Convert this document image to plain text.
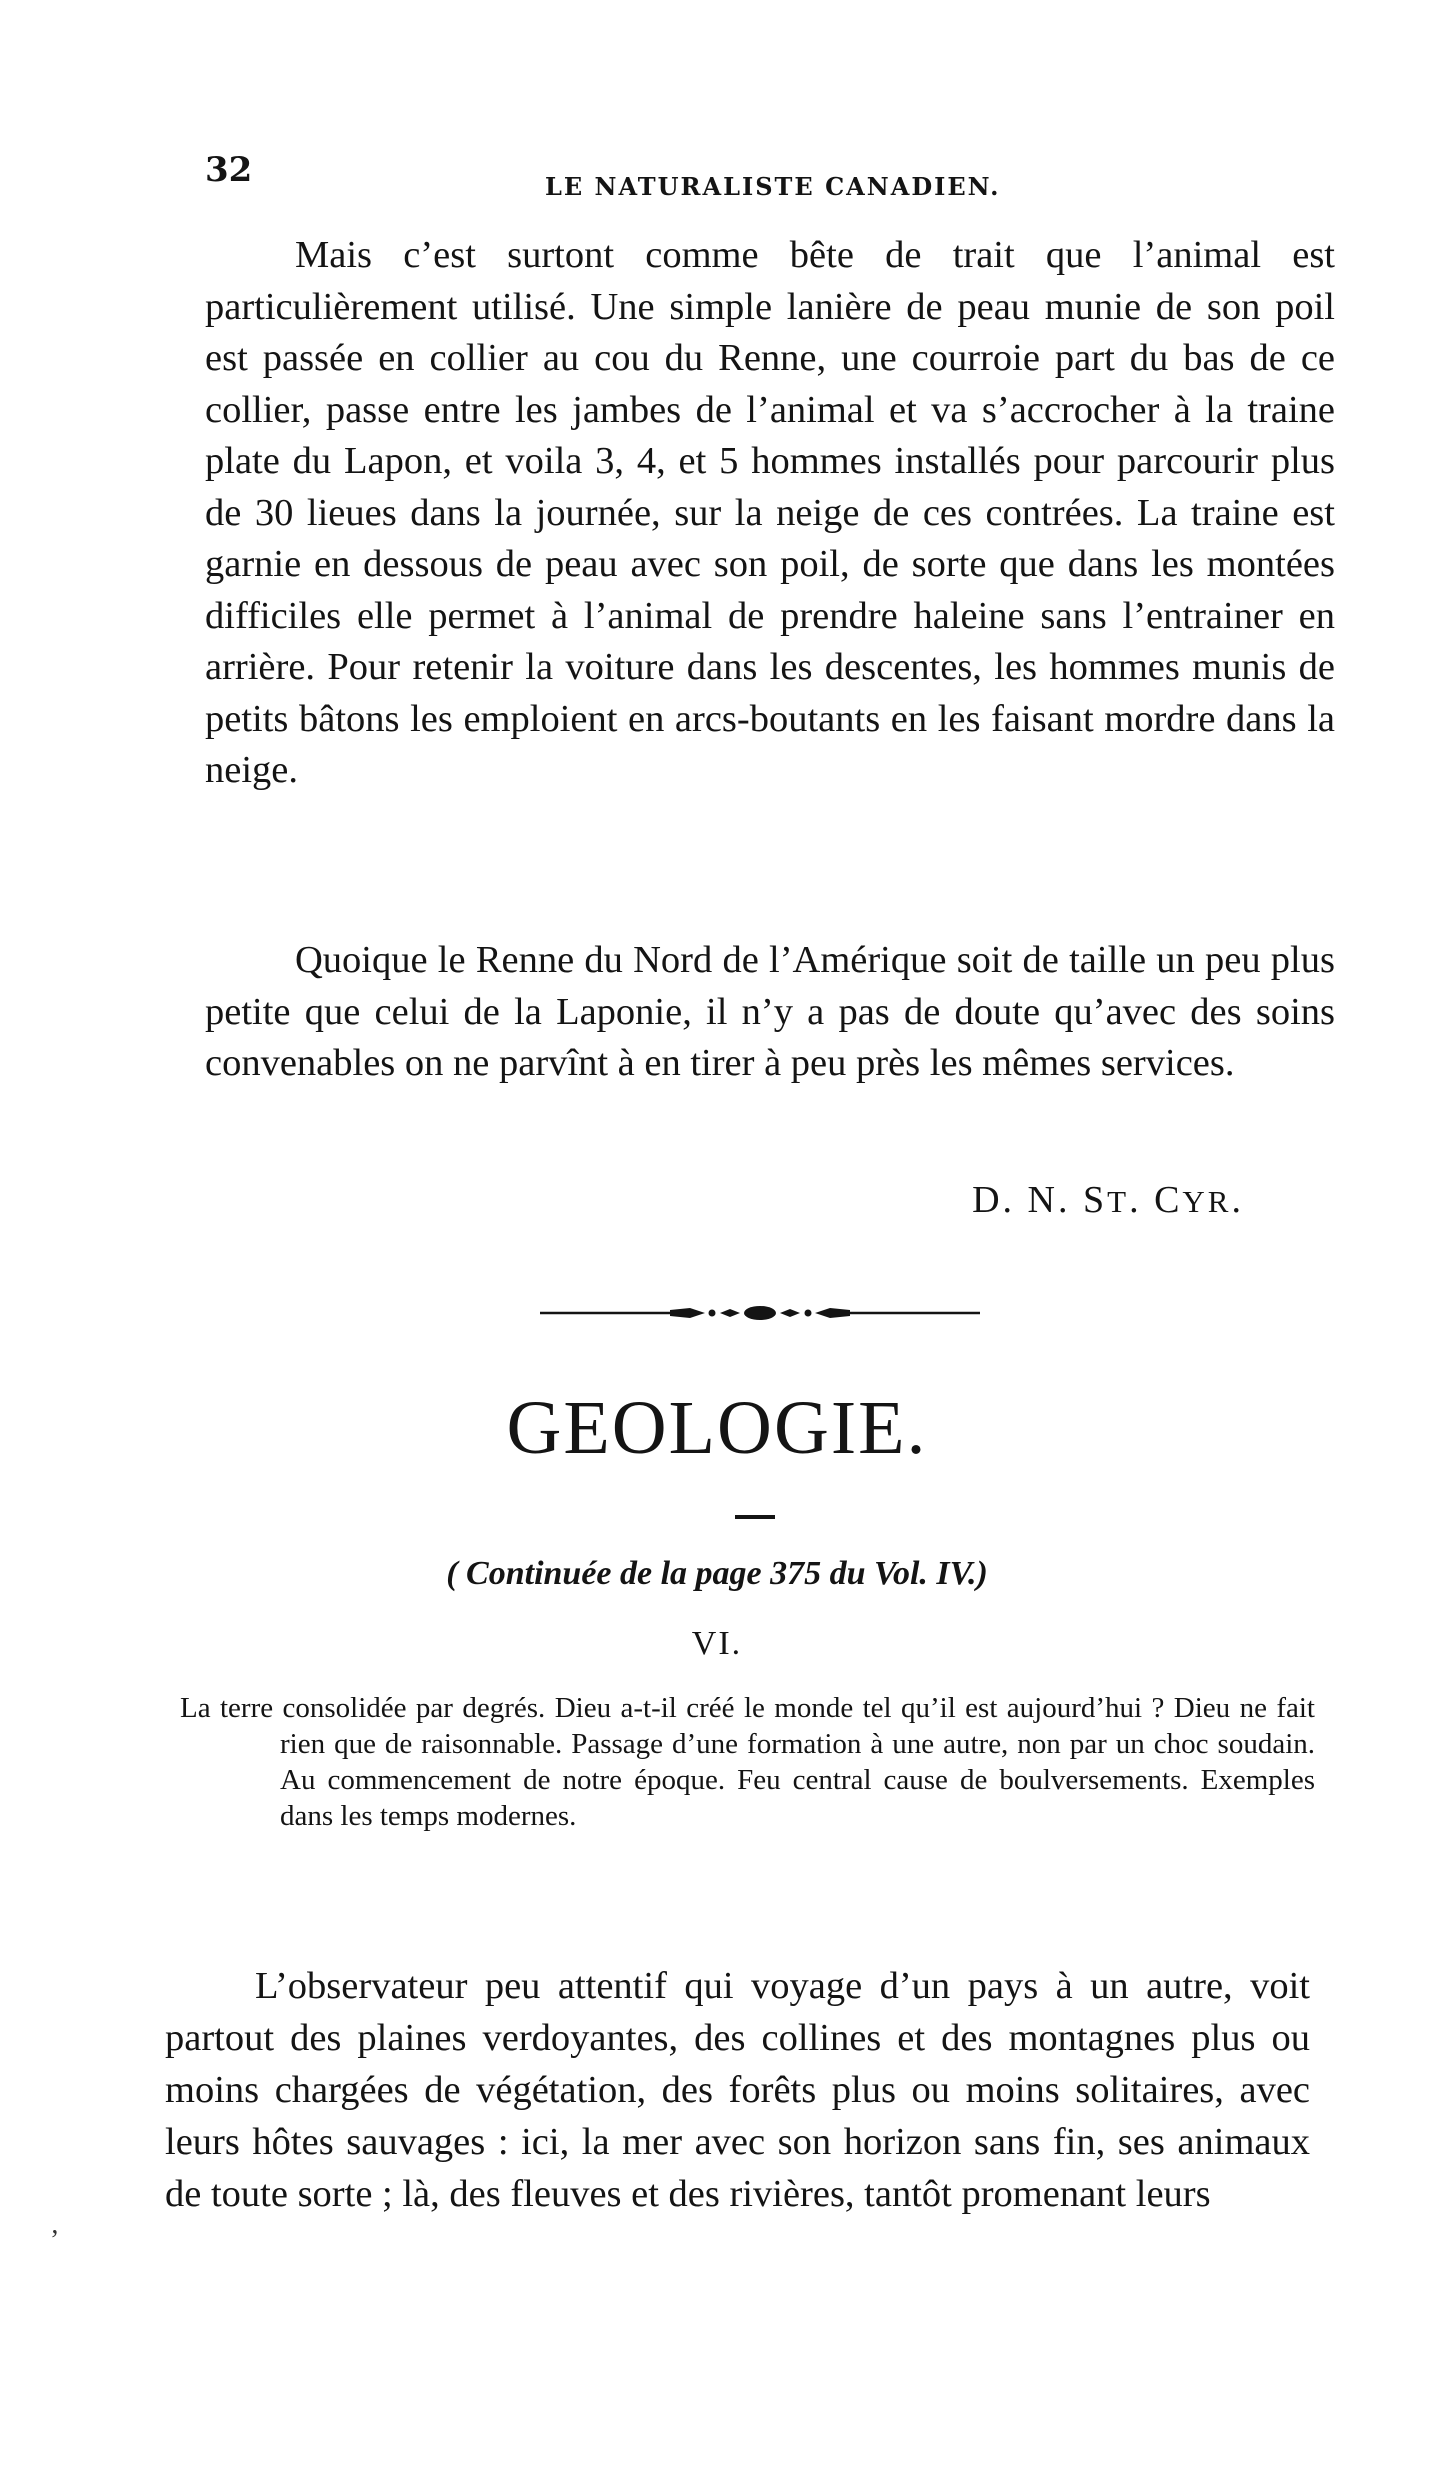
32	LE NATURALISTE CANADIEN.

Mais c’est surtont comme bête de trait que l’animal est particulièrement utilisé. Une simple lanière de peau munie de son poil est passée en collier au cou du Renne, une courroie part du bas de ce collier, passe entre les jambes de l’animal et va s’accrocher à la traine plate du Lapon, et voila 3, 4, et 5 hommes installés pour parcourir plus de 30 lieues dans la journée, sur la neige de ces contrées. La traine est garnie en dessous de peau avec son poil, de sorte que dans les montées difficiles elle permet à l’animal de prendre haleine sans l’entrainer en arrière. Pour retenir la voiture dans les descentes, les hommes munis de petits bâtons les emploient en arcs-boutants en les faisant mordre dans la neige.

Quoique le Renne du Nord de l’Amérique soit de taille un peu plus petite que celui de la Laponie, il n’y a pas de doute qu’avec des soins convenables on ne parvînt à en tirer à peu près les mêmes services.

D. N. ST. CYR.
GEOLOGIE.
( Continuée de la page 375 du Vol. IV.)
VI.

La terre consolidée par degrés. Dieu a-t-il créé le monde tel qu’il est aujourd’hui ? Dieu ne fait rien que de raisonnable. Passage d’une formation à une autre, non par un choc soudain. Au commencement de notre époque. Feu central cause de boulversements. Exemples dans les temps modernes.

L’observateur peu attentif qui voyage d’un pays à un autre, voit partout des plaines verdoyantes, des collines et des montagnes plus ou moins chargées de végétation, des forêts plus ou moins solitaires, avec leurs hôtes sauvages : ici, la mer avec son horizon sans fin, ses animaux de toute sorte ; là, des fleuves et des rivières, tantôt promenant leurs

’
